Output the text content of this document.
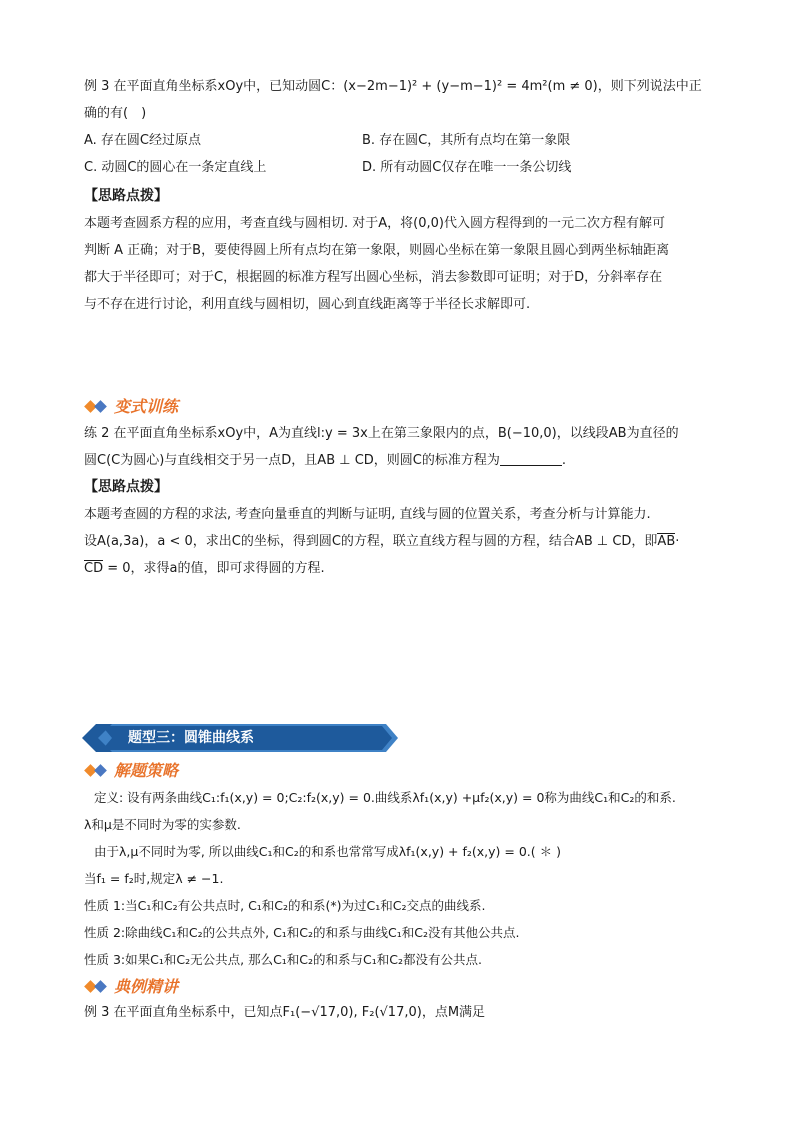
例 3 在平面直角坐标系xOy中，已知动圆C：(x−2m−1)² + (y−m−1)² = 4m²(m ≠ 0)，则下列说法中正
确的有(　)
A. 存在圆C经过原点	B. 存在圆C，其所有点均在第一象限
C. 动圆C的圆心在一条定直线上	D. 所有动圆C仅存在唯一一条公切线
【思路点拨】
本题考查圆系方程的应用，考查直线与圆相切. 对于A，将(0,0)代入圆方程得到的一元二次方程有解可
判断 A 正确；对于B，要使得圆上所有点均在第一象限，则圆心坐标在第一象限且圆心到两坐标轴距离
都大于半径即可；对于C，根据圆的标准方程写出圆心坐标，消去参数即可证明；对于D，分斜率存在
与不存在进行讨论，利用直线与圆相切，圆心到直线距离等于半径长求解即可.
变式训练
练 2 在平面直角坐标系xOy中，A为直线l:y = 3x上在第三象限内的点，B(−10,0)，以线段AB为直径的
圆C(C为圆心)与直线相交于另一点D，且AB ⊥ CD，则圆C的标准方程为	.
【思路点拨】
本题考查圆的方程的求法, 考查向量垂直的判断与证明, 直线与圆的位置关系，考查分析与计算能力.
设A(a,3a)，a < 0，求出C的坐标，得到圆C的方程，联立直线方程与圆的方程，结合AB ⊥ CD，即AB·
CD = 0，求得a的值，即可求得圆的方程.
题型三：圆锥曲线系
解题策略
定义: 设有两条曲线C₁:f₁(x,y) = 0;C₂:f₂(x,y) = 0.曲线系λf₁(x,y) +μf₂(x,y) = 0称为曲线C₁和C₂的和系.
λ和μ是不同时为零的实参数.
由于λ,μ不同时为零, 所以曲线C₁和C₂的和系也常常写成λf₁(x,y) + f₂(x,y) = 0.( ＊ )
当f₁ = f₂时,规定λ ≠ −1.
性质 1:当C₁和C₂有公共点时, C₁和C₂的和系(*)为过C₁和C₂交点的曲线系.
性质 2:除曲线C₁和C₂的公共点外, C₁和C₂的和系与曲线C₁和C₂没有其他公共点.
性质 3:如果C₁和C₂无公共点, 那么C₁和C₂的和系与C₁和C₂都没有公共点.
典例精讲
例 3 在平面直角坐标系中，已知点F₁(−√17,0), F₂(√17,0)，点M满足
